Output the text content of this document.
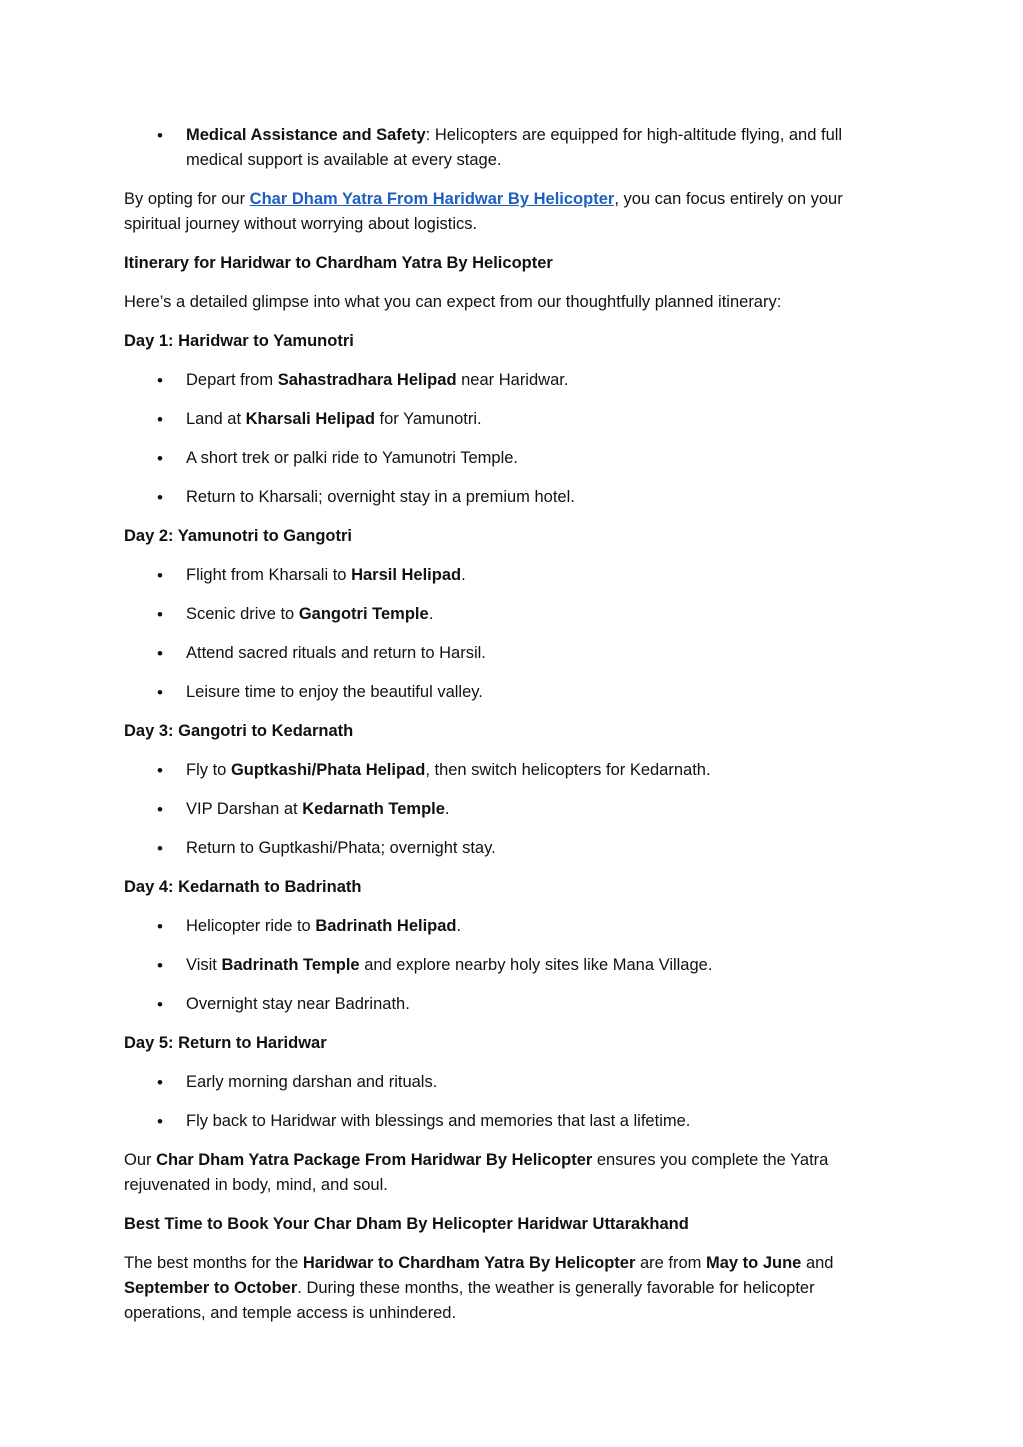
• Medical Assistance and Safety: Helicopters are equipped for high-altitude flying, and full medical support is available at every stage.

By opting for our Char Dham Yatra From Haridwar By Helicopter, you can focus entirely on your spiritual journey without worrying about logistics.

Itinerary for Haridwar to Chardham Yatra By Helicopter

Here’s a detailed glimpse into what you can expect from our thoughtfully planned itinerary:

Day 1: Haridwar to Yamunotri

• Depart from Sahastradhara Helipad near Haridwar.
• Land at Kharsali Helipad for Yamunotri.
• A short trek or palki ride to Yamunotri Temple.
• Return to Kharsali; overnight stay in a premium hotel.

Day 2: Yamunotri to Gangotri

• Flight from Kharsali to Harsil Helipad.
• Scenic drive to Gangotri Temple.
• Attend sacred rituals and return to Harsil.
• Leisure time to enjoy the beautiful valley.

Day 3: Gangotri to Kedarnath

• Fly to Guptkashi/Phata Helipad, then switch helicopters for Kedarnath.
• VIP Darshan at Kedarnath Temple.
• Return to Guptkashi/Phata; overnight stay.

Day 4: Kedarnath to Badrinath

• Helicopter ride to Badrinath Helipad.
• Visit Badrinath Temple and explore nearby holy sites like Mana Village.
• Overnight stay near Badrinath.

Day 5: Return to Haridwar

• Early morning darshan and rituals.
• Fly back to Haridwar with blessings and memories that last a lifetime.

Our Char Dham Yatra Package From Haridwar By Helicopter ensures you complete the Yatra rejuvenated in body, mind, and soul.

Best Time to Book Your Char Dham By Helicopter Haridwar Uttarakhand

The best months for the Haridwar to Chardham Yatra By Helicopter are from May to June and September to October. During these months, the weather is generally favorable for helicopter operations, and temple access is unhindered.
